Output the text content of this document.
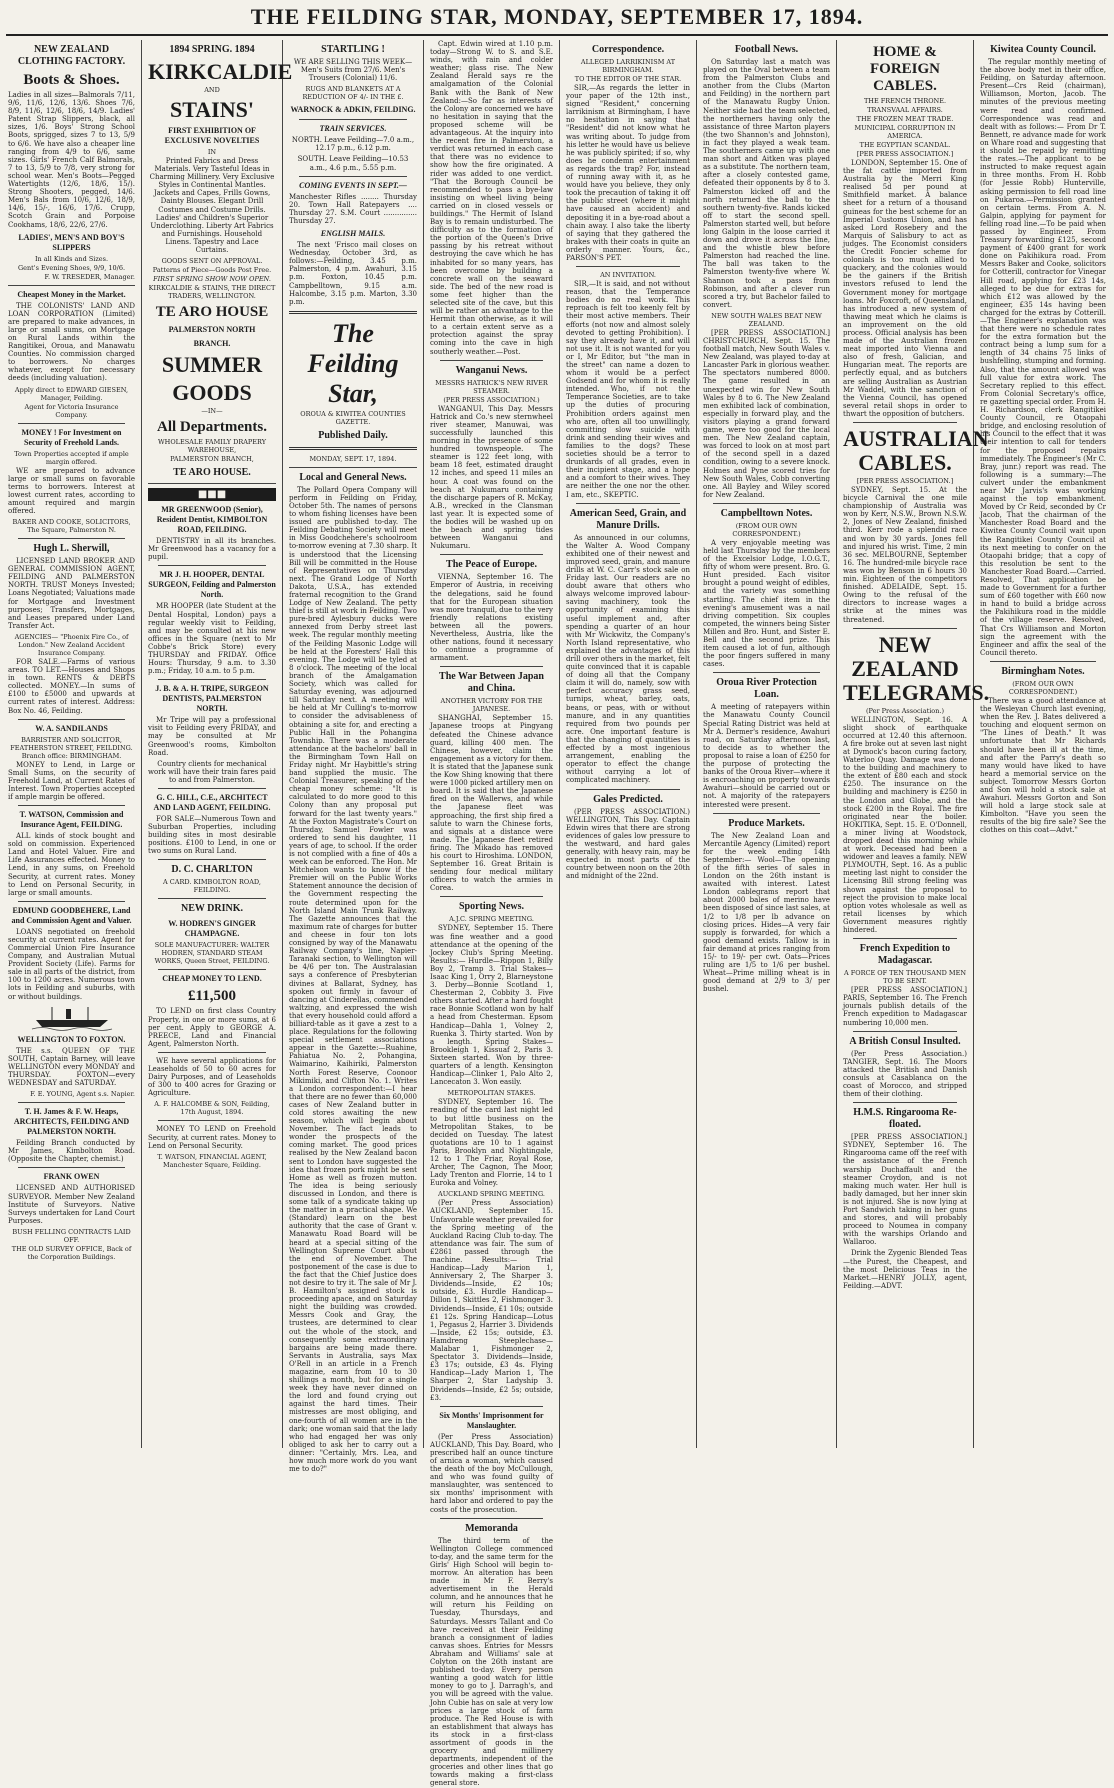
THE FEILDING STAR, MONDAY, SEPTEMBER 17, 1894.
NEW ZEALAND CLOTHING FACTORY.
Boots & Shoes.

Ladies in all sizes—Balmorals 7/11, 9/6, 11/6, 12/6, 13/6. Shoes 7/6, 8/9, 11/6, 12/6, 18/6, 14/9. Ladies' Patent Strap Slippers, black, all sizes, 1/6. Boys' Strong School Boots, sprigged, sizes 7 to 13, 5/9 to 6/6. We have also a cheaper line ranging from 4/9 to 6/6, same sizes. Girls' French Calf Balmorals, 7 to 13, 5/9 to 7/8, very strong for school wear. Men's Boots—Pegged Watertights (12/6, 18/6, 15/). Strong Shooters, pegged, 14/6. Men's Bals from 10/6, 12/6, 18/9, 14/6, 15/-, 16/6, 17/6. Crupp, Scotch Grain and Porpoise Cookhams, 18/6, 22/6, 27/6.

LADIES', MEN'S AND BOY'S SLIPPERS
In all Kinds and Sizes.
Gent's Evening Shoes, 9/9, 10/6.
F. W. TRESEDER, Manager.
Cheapest Money in the Market.

THE COLONISTS' LAND AND LOAN CORPORATION (Limited) are prepared to make advances, in large or small sums, on Mortgage on Rural Lands within the Rangitikei, Oroua, and Manawatu Counties. No commission charged to borrowers. No charges whatever, except for necessary deeds (including valuation).

Apply direct to EDWARD GIESEN, Manager, Feilding.
Agent for Victoria Insurance Company.
MONEY ! For Investment on Security of Freehold Lands.
Town Properties accepted if ample margin offered.

WE are prepared to advance large or small sums on favorable terms to borrowers. Interest at lowest current rates, according to amount required and margin offered.

BAKER AND COOKE, SOLICITORS, The Square, Palmerston N.
Hugh L. Sherwill,

LICENSED LAND BROKER AND GENERAL COMMISSION AGENT, FEILDING AND PALMERSTON NORTH. TRUST Moneys Invested; Loans Negotiated; Valuations made for Mortgage and Investment purposes; Transfers, Mortgages, and Leases prepared under Land Transfer Act.

AGENCIES— "Phoenix Fire Co., of London." New Zealand Accident Insurance Company.

FOR SALE.—Farms of various areas. TO LET.—Houses and Shops in town. RENTS & DEBTS collected. MONEY.—In sums of £100 to £5000 and upwards at current rates of interest. Address: Box No. 46, Feilding.

W. A. SANDILANDS
BARRISTER AND SOLICITOR, FEATHERSTON STREET, FEILDING. Branch office: BIRMINGHAM.

MONEY to Lend, in Large or Small Sums, on the security of Freehold Land, at Current Rates of Interest. Town Properties accepted if ample margin be offered.

T. WATSON, Commission and Insurance Agent, FEILDING.

ALL kinds of stock bought and sold on commission. Experienced Land and Hotel Valuer. Fire and Life Assurances effected. Money to Lend, in any sums, on Freehold Security, at current rates. Money to Lend on Personal Security, in large or small amounts.

EDMUND GOODBEHERE, Land and Commission Agent and Valuer.

LOANS negotiated on freehold security at current rates. Agent for Commercial Union Fire Insurance Company, and Australian Mutual Provident Society (Life). Farms for sale in all parts of the district, from 100 to 1200 acres. Numerous town lots in Feilding and suburbs, with or without buildings.

WELLINGTON TO FOXTON.

THE s.s. QUEEN OF THE SOUTH, Captain Barney, will leave WELLINGTON every MONDAY and THURSDAY. FOXTON—every WEDNESDAY and SATURDAY.

F. E. YOUNG, Agent s.s. Napier.
T. H. James & F. W. Heaps, ARCHITECTS, FEILDING AND PALMERSTON NORTH.

Feilding Branch conducted by Mr James, Kimbolton Road. (Opposite the Chapter, chemist.)

FRANK OWEN

LICENSED AND AUTHORISED SURVEYOR. Member New Zealand Institute of Surveyors. Native Surveys undertaken for Land Court Purposes.

BUSH FELLING CONTRACTS LAID OFF.
THE OLD SURVEY OFFICE, Back of the Corporation Buildings.
1894 SPRING. 1894
KIRKCALDIE
AND
STAINS'
FIRST EXHIBITION OF EXCLUSIVE NOVELTIES
IN

Printed Fabrics and Dress Materials. Very Tasteful Ideas in Charming Millinery. Very Exclusive Styles in Continental Mantles. Jackets and Capes, Frills Gowns, Dainty Blouses. Elegant Drill Costumes and Costume Drills. Ladies' and Children's Superior Underclothing. Liberty Art Fabrics and Furnishings. Household Linens. Tapestry and Lace Curtains.

GOODS SENT ON APPROVAL.
Patterns of Piece—Goods Post Free.
FIRST SPRING SHOW NOW OPEN.
KIRKCALDIE & STAINS, THE DIRECT TRADERS, WELLINGTON.
TE ARO HOUSE
PALMERSTON NORTH
BRANCH.
SUMMER
GOODS
—IN—
All Departments.
WHOLESALE FAMILY DRAPERY WAREHOUSE,
PALMERSTON BRANCH,
TE ARO HOUSE.
■■■
MR GREENWOOD (Senior), Resident Dentist, KIMBOLTON ROAD, FEILDING.

DENTISTRY in all its branches. Mr Greenwood has a vacancy for a pupil.

MR J. H. HOOPER, DENTAL SURGEON, Feilding and Palmerston North.

MR HOOPER (late Student at the Dental Hospital, London) pays a regular weekly visit to Feilding, and may be consulted at his new offices in the Square (next to Mr Cobbe's Brick Store) every THURSDAY and FRIDAY. Office Hours: Thursday, 9 a.m. to 3.30 p.m.; Friday, 10 a.m. to 5 p.m.

J. B. & A. H. TRIPE, SURGEON DENTISTS, PALMERSTON NORTH.

Mr Tripe will pay a professional visit to Feilding every FRIDAY, and may be consulted at Mr Greenwood's rooms, Kimbolton Road.

Country clients for mechanical work will have their train fares paid to and from Palmerston.

G. C. HILL, C.E., ARCHITECT AND LAND AGENT, FEILDING.

FOR SALE—Numerous Town and Suburban Properties, including building sites in most desirable positions. £100 to Lend, in one or two sums on Rural Land.

D. C. CHARLTON
A CARD. KIMBOLTON ROAD, FEILDING.
NEW DRINK.
W. HODREN'S GINGER CHAMPAGNE.
SOLE MANUFACTURER: WALTER HODREN, STANDARD STEAM WORKS, Queen Street, FEILDING.
CHEAP MONEY TO LEND.
£11,500

TO LEND on first class Country Property, in one or more sums, at 6 per cent. Apply to GEORGE A. PREECE, Land and Financial Agent, Palmerston North.

WE have several applications for Leaseholds of 50 to 60 acres for Dairy Purposes, and of Leaseholds of 300 to 400 acres for Grazing or Agriculture.

A. F. HALCOMBE & SON, Feilding, 17th August, 1894.

MONEY TO LEND on Freehold Security, at current rates. Money to Lend on Personal Security.

T. WATSON, FINANCIAL AGENT, Manchester Square, Feilding.
STARTLING !

WE ARE SELLING THIS WEEK— Men's Suits from 27/6. Men's Trousers (Colonial) 11/6.

RUGS AND BLANKETS AT A REDUCTION OF 4/- IN THE £.
WARNOCK & ADKIN, FEILDING.
TRAIN SERVICES.

NORTH. Leave Feilding—7.0 a.m., 12.17 p.m., 6.12 p.m.

SOUTH. Leave Feilding—10.53 a.m., 4.6 p.m., 5.55 p.m.

COMING EVENTS IN SEPT.—

Manchester Rifles ........ Thursday 20. Town Hall Ratepayers .... Thursday 27. S.M. Court ............... Thursday 27.

ENGLISH MAILS.

The next 'Frisco mail closes on Wednesday, October 3rd, as follows:—Feilding, 3.45 p.m. Palmerston, 4 p.m. Awahuri, 3.15 p.m. Foxton, 10.45 p.m. Campbelltown, 9.15 a.m. Halcombe, 3.15 p.m. Marton, 3.30 p.m.

The Feilding Star,
OROUA & KIWITEA COUNTIES GAZETTE.
Published Daily.
MONDAY, SEPT. 17, 1894.
Local and General News.

The Pollard Opera Company will perform in Feilding on Friday, October 5th. The names of persons to whom fishing licenses have been issued are published to-day. The Feilding Debating Society will meet in Miss Goodchehere's schoolroom to-morrow evening at 7.30 sharp. It is understood that the Licensing Bill will be committed in the House of Representatives on Thursday next. The Grand Lodge of North Dakota, U.S.A., has extended fraternal recognition to the Grand Lodge of New Zealand. The petty thief is still at work in Feilding. Two pure-bred Aylesbury ducks were annexed from Derby street last week. The regular monthly meeting of the Feilding Masonic Lodge will be held at the Foresters' Hall this evening. The Lodge will be tyled at 8 o'clock. The meeting of the local branch of the Amalgamation Society, which was called for Saturday evening, was adjourned till Saturday next. A meeting will be held at Mr Culling's to-morrow to consider the advisableness of obtaining a site for, and erecting a Public Hall in the Pohangina Township. There was a moderate attendance at the bachelors' ball in the Birmingham Town Hall on Friday night. Mr Haybittle's string band supplied the music. The Colonial Treasurer, speaking of the cheap money scheme: "It is calculated to do more good to this Colony than any proposal put forward for the last twenty years." At the Foxton Magistrate's Court on Thursday, Samuel Fowler was ordered to send his daughter, 11 years of age, to school. If the order is not complied with a fine of 40s a week can be enforced. The Hon. Mr Mitchelson wants to know if the Premier will on the Public Works Statement announce the decision of the Government respecting the route determined upon for the North Island Main Trunk Railway. The Gazette announces that the maximum rate of charges for butter and cheese in four ton lots consigned by way of the Manawatu Railway Company's line, Napier-Taranaki section, to Wellington will be 4/6 per ton. The Australasian says a conference of Presbyterian divines at Ballarat, Sydney, has spoken out firmly in favour of dancing at Cinderellas, commended waltzing, and expressed the wish that every household could afford a billiard-table as it gave a zest to a place. Regulations for the following special settlement associations appear in the Gazette:—Ruahine, Pahiatua No. 2, Pohangina, Waimarino, Kaihiriki, Palmerston North Forest Reserve, Coonoor Mikimiki, and Clifton No. 1. Writes a London correspondent:—I hear that there are no fewer than 60,000 cases of New Zealand butter in cold stores awaiting the new season, which will begin about November. The fact leads to wonder the prospects of the coming market. The good prices realised by the New Zealand bacon sent to London have suggested the idea that frozen pork might be sent Home as well as frozen mutton. The idea is being seriously discussed in London, and there is some talk of a syndicate taking up the matter in a practical shape. We (Standard) learn on the best authority that the case of Grant v. Manawatu Road Board will be heard at a special sitting of the Wellington Supreme Court about the end of November. The postponement of the case is due to the fact that the Chief Justice does not desire to try it. The sale of Mr J. B. Hamilton's assigned stock is proceeding apace, and on Saturday night the building was crowded. Messrs Cook and Gray, the trustees, are determined to clear out the whole of the stock, and consequently some extraordinary bargains are being made there. Servants in Australia, says Max O'Rell in an article in a French magazine, earn from 10 to 30 shillings a month, but for a single week they have never dinned on the lord and found crying out against the hard times. Their mistresses are most obliging, and one-fourth of all women are in the dark; one woman said that the lady who had engaged her was only obliged to ask her to carry out a dinner: "Certainly, Mrs. Lea, and how much more work do you want me to do?"

Capt. Edwin wired at 1.10 p.m. today—Strong W. to S. and S.E. winds, with rain and colder weather; glass rise. The New Zealand Herald says re the amalgamation of the Colonial Bank with the Bank of New Zealand:—So far as interests of the Colony are concerned we have no hesitation in saying that the proposed scheme will be advantageous. At the inquiry into the recent fire in Palmerston, a verdict was returned in each case that there was no evidence to show how the fire originated. A rider was added to one verdict. "That the Borough Council be recommended to pass a bye-law insisting on wheel living being carried on in closed vessels or buildings." The Hermit of Island Bay is to remain undisturbed. The difficulty as to the formation of the portion of the Queen's Drive passing by his retreat without destroying the cave which he has inhabited for so many years, has been overcome by building a concrete wall on the seaward side. The bed of the new road is some feet higher than the selected site of the cave, but this will be rather an advantage to the Hermit than otherwise, as it will to a certain extent serve as a protection against the spray coming into the cave in high southerly weather.—Post.

Wanganui News.
MESSRS HATRICK'S NEW RIVER STEAMER.
(PER PRESS ASSOCIATION.)

WANGANUI, This Day. Messrs Hatrick and Co.'s new sternwheel river steamer, Manuwai, was successfully launched this morning in the presence of some hundred townspeople. The steamer is 122 feet long, with beam 18 feet, estimated draught 12 inches, and speed 11 miles an hour. A coat was found on the beach at Nukumaru containing the discharge papers of R. McKay, A.B., wrecked in the Clansman last year. It is expected some of the bodies will be washed up on the beach and spring tides between Wanganui and Nukumaru.

The Peace of Europe.

VIENNA, September 16. The Emperor of Austria, in receiving the delegations, said he found that for the European situation was more tranquil, due to the very friendly relations existing between all the powers. Nevertheless, Austria, like the other nations, found it necessary to continue a programme of armament.

The War Between Japan and China.
ANOTHER VICTORY FOR THE JAPANESE.

SHANGHAI, September 15. Japanese troops at Pingyang defeated the Chinese advance guard, killing 400 men. The Chinese, however, claim the engagement as a victory for them. It is stated that the Japanese sunk the Kow Shing knowing that there were 1000 picked artillery men on board. It is said that the Japanese fired on the Wallerws, and while the Japanese fleet was approaching, the first ship fired a salute to warn the Chinese forts, and signals at a distance were made. The Japanese fleet retired firing. The Mikado has removed his court to Hiroshima. LONDON, September 16. Great Britain is sending four medical military officers to watch the armies in Corea.

Sporting News.
A.J.C. SPRING MEETING.

SYDNEY, September 15. There was fine weather and a good attendance at the opening of the Jockey Club's Spring Meeting. Results:— Hurdle—Rippon 1, Billy Boy 2, Tramp 3. Trial Stakes—Isaac King 1, Orry 2, Blarneystone 3. Derby—Bonnie Scotland 1, Chesterman 2, Cobbity 3. Five others started. After a hard fought race Bonnie Scotland won by half a head from Chesterman. Epsom Handicap—Dahla 1, Volney 2, Ruenka 3. Thirty started. Won by a length. Spring Stakes—Brookleigh 1, Kissuaf 2, Paris 3. Sixteen started. Won by three-quarters of a length. Kensington Handicap—Clinker 1, Palo Alto 2, Lancecaton 3. Won easily.

METROPOLITAN STAKES.

SYDNEY, September 16. The reading of the card last night led to but little business on the Metropolitan Stakes, to be decided on Tuesday. The latest quotations are 10 to 1 against Paris, Brooklyn and Nightingale, 12 to 1 The Friar, Royal Rose, Archer, The Cagnon, The Moor, Lady Trenton and Florrie, 14 to 1 Euroka and Volney.

AUCKLAND SPRING MEETING.

(Per Press Association) AUCKLAND, September 15. Unfavorable weather prevailed for the Spring meeting of the Auckland Racing Club to-day. The attendance was fair. The sum of £2861 passed through the machine. Results:— Trial Handicap—Lady Marion 1, Anniversary 2, The Sharper 3. Dividends—Inside, £2 10s; outside, £3. Hurdle Handicap—Dillon 1, Skittles 2, Fishmonger 3. Dividends—Inside, £1 10s; outside £1 12s. Spring Handicap—Lotus 1, Pegasus 2, Harrier 3. Dividends—Inside, £2 15s; outside, £3. Hamdreng Steeplechase—Malabar 1, Fishmonger 2, Spectator 3. Dividends—Inside, £3 17s; outside, £3 4s. Flying Handicap—Lady Marion 1, The Sharper 2, Star Ladyship 3. Dividends—Inside, £2 5s; outside, £3.

Six Months' Imprisonment for Manslaughter.

(Per Press Association) AUCKLAND, This Day. Board, who prescribed half an ounce tincture of arnica a woman, which caused the death of the boy McCullough, and who was found guilty of manslaughter, was sentenced to six months' imprisonment with hard labor and ordered to pay the costs of the prosecution.

Memoranda

The third term of the Wellington College commenced to-day, and the same term for the Girls' High School will begin to-morrow. An alteration has been made in Mr F. Berry's advertisement in the Herald column, and he announces that he will return his Feilding on Tuesday, Thursdays, and Saturdays. Messrs Tallant and Co have received at their Feilding branch a consignment of ladies canvas shoes. Entries for Messrs Abraham and Williams' sale at Colyton on the 26th instant are published to-day. Every person wanting a good watch for little money to go to J. Darragh's, and you will be agreed with the value. John Cubie has on sale at very low prices a large stock of farm produce. The Red House is with an establishment that always has its stock in a first-class assortment of goods in the grocery and millinery departments, independent of the groceries and other lines that go towards making a first-class general store.

Correspondence.
ALLEGED LARRIKINISM AT BIRMINGHAM.
TO THE EDITOR OF THE STAR.

SIR,—As regards the letter in your paper of the 12th inst., signed "Resident," concerning larrikinism at Birmingham, I have no hesitation in saying that "Resident" did not know what he was writing about. To judge from his letter he would have us believe he was publicly spirited; if so, why does he condemn entertainment as regards the trap? For, instead of running away with it, as he would have you believe, they only took the precaution of taking it off the public street (where it might have caused an accident) and depositing it in a bye-road about a chain away. I also take the liberty of saying that they gathered the brakes with their coats in quite an orderly manner. Yours, &c., PARSON'S PET.

AN INVITATION.

SIR,—It is said, and not without reason, that the Temperance bodies do no real work. This reproach is felt too keenly felt by their most active members. Their efforts (not now and almost solely devoted to getting Prohibition). I say they already have it, and will not use it. It is not wanted for you or I, Mr Editor, but "the man in the street" can name a dozen to whom it would be a perfect Godsend and for whom it is really intended. Who, if not the Temperance Societies, are to take up the duties of procuring Prohibition orders against men who are, often all too unwillingly, committing slow suicide with drink and sending their wives and families to the dogs? These societies should be a terror to drunkards of all grades, even in their incipient stage, and a hope and a comfort to their wives. They are neither the one nor the other. I am, etc., SKEPTIC.

American Seed, Grain, and Manure Drills.

As announced in our columns, the Walter A. Wood Company exhibited one of their newest and improved seed, grain, and manure drills at W. C. Carr's stock sale on Friday last. Our readers are no doubt aware that others who always welcome improved labour-saving machinery, took the opportunity of examining this useful implement and, after spending a quarter of an hour with Mr Wickwitz, the Company's North Island representative, who explained the advantages of this drill over others in the market, felt quite convinced that it is capable of doing all that the Company claim it will do, namely, sow with perfect accuracy grass seed, turnips, wheat, barley, oats, beans, or peas, with or without manure, and in any quantities required from two pounds per acre. One important feature is that the changing of quantities is effected by a most ingenious arrangement, enabling the operator to effect the change without carrying a lot of complicated machinery.

Gales Predicted.

(PER PRESS ASSOCIATION.) WELLINGTON, This Day. Captain Edwin wires that there are strong evidences of gales low pressure to the westward, and hard gales generally, with heavy rain, may be expected in most parts of the country between noon on the 20th and midnight of the 22nd.

Football News.

On Saturday last a match was played on the Oval between a team from the Palmerston Clubs and another from the Clubs (Marton and Feilding) in the northern part of the Manawatu Rugby Union. Neither side had the team selected, the northerners having only the assistance of three Marton players (the two Shannon's and Johnston), in fact they played a weak team. The southerners came up with one man short and Aitken was played as a substitute. The northern team, after a closely contested game, defeated their opponents by 8 to 3. Palmerston kicked off and the north returned the ball to the southern twenty-five. Rands kicked off to start the second spell. Palmerston started well, but before long Galpin in the loose carried it down and drove it across the line, and the whistle blew before Palmerston had reached the line. The ball was taken to the Palmerston twenty-five where W. Shannon took a pass from Robinson, and after a clever run scored a try, but Bachelor failed to convert.

NEW SOUTH WALES BEAT NEW ZEALAND.

[PER PRESS ASSOCIATION.] CHRISTCHURCH, Sept. 15. The football match, New South Wales v. New Zealand, was played to-day at Lancaster Park in glorious weather. The spectators numbered 8000. The game resulted in an unexpected win for New South Wales by 8 to 6. The New Zealand men exhibited lack of combination, especially in forward play, and the visitors playing a grand forward game, were too good for the local men. The New Zealand captain, was forced to look on at most part of the second spell in a dazed condition, owing to a severe knock. Holmes and Pyne scored tries for New South Wales, Cobb converting one. All Bayley and Wiley scored for New Zealand.

Campbelltown Notes.
(FROM OUR OWN CORRESPONDENT.)

A very enjoyable meeting was held last Thursday by the members of the Excelsior Lodge, I.O.G.T., fifty of whom were present. Bro. G. Hunt presided. Each visitor brought a pound weight of edibles, and the variety was something startling. The chief item in the evening's amusement was a nail driving competition. Six couples competed, the winners being Sister Millen and Bro. Hunt, and Sister E. Bell and the second prize. This item caused a lot of fun, although the poor fingers suffered in many cases.

Oroua River Protection Loan.

A meeting of ratepayers within the Manawatu County Council Special Rating District was held at Mr A. Dermer's residence, Awahuri road, on Saturday afternoon last, to decide as to whether the proposal to raise a loan of £250 for the purpose of protecting the banks of the Oroua River—where it is encroaching on property towards Awahuri—should be carried out or not. A majority of the ratepayers interested were present.

Produce Markets.

The New Zealand Loan and Mercantile Agency (Limited) report for the week ending 14th September:— Wool—The opening of the fifth series of sales in London on the 26th instant is awaited with interest. Latest London cablegrams report that about 2000 bales of merino have been disposed of since last sales, at 1/2 to 1/8 per lb advance on closing prices. Hides—A very fair supply is forwarded, for which a good demand exists. Tallow is in fair demand at prices ranging from 15/- to 19/- per cwt. Oats—Prices ruling are 1/5 to 1/6 per bushel. Wheat—Prime milling wheat is in good demand at 2/9 to 3/ per bushel.

HOME & FOREIGN CABLES.
THE FRENCH THRONE.
TRANSVAAL AFFAIRS.
THE FROZEN MEAT TRADE.
MUNICIPAL CORRUPTION IN AMERICA.
THE EGYPTIAN SCANDAL.
[PER PRESS ASSOCIATION.]

LONDON, September 15. One of the fat cattle imported from Australia by the Merri King realised 5d per pound at Smithfield market. A balance sheet for a return of a thousand guineas for the best scheme for an Imperial Customs Union, and has asked Lord Rosebery and the Marquis of Salisbury to act as judges. The Economist considers the Credit Foncier scheme for colonials is too much allied to quackery, and the colonies would be the gainers if the British investors refused to lend the Government money for mortgage loans. Mr Foxcroft, of Queensland, has introduced a new system of thawing meat which he claims is an improvement on the old process. Official analysis has been made of the Australian frozen meat imported into Vienna and also of fresh, Galician, and Hungarian meat. The reports are perfectly equal, and as butchers are selling Australian as Austrian Mr Waddel, with the sanction of the Vienna Council, has opened several retail shops in order to thwart the opposition of butchers.

AUSTRALIAN CABLES.
[PER PRESS ASSOCIATION.]

SYDNEY, Sept. 15. At the bicycle Carnival the one mile championship of Australia was won by Kerr, N.S.W., Brown N.S.W. 2, Jones of New Zealand, finished third. Kerr rode a splendid race and won by 30 yards. Jones fell and injured his wrist. Time, 2 min 36 sec. MELBOURNE, September 16. The hundred-mile bicycle race was won by Benson in 6 hours 30 min. Eighteen of the competitors finished. ADELAIDE, Sept. 15. Owing to the refusal of the directors to increase wages a strike at the mines was threatened.

NEW ZEALAND TELEGRAMS.
(Per Press Association.)

WELLINGTON, Sept. 16. A slight shock of earthquake occurred at 12.40 this afternoon. A fire broke out at seven last night at Dymock's bacon curing factory, Waterloo Quay. Damage was done to the building and machinery to the extent of £80 each and stock £250. The insurance on the building and machinery is £250 in the London and Globe, and the stock £200 in the Royal. The fire originated near the boiler. HOKITIKA, Sept. 15. E. O'Donnell, a miner living at Woodstock, dropped dead this morning while at work. Deceased had been a widower and leaves a family. NEW PLYMOUTH, Sept. 16. As a public meeting last night to consider the Licensing Bill strong feeling was shown against the proposal to reject the provision to make local option votes wholesale as well as retail licenses by which Government measures rightly hindered.

French Expedition to Madagascar.
A FORCE OF TEN THOUSAND MEN TO BE SENT.

[PER PRESS ASSOCIATION.] PARIS, September 16. The French journals publish details of the French expedition to Madagascar numbering 10,000 men.

A British Consul Insulted.

(Per Press Association.) TANGIER, Sept. 16. The Moors attacked the British and Danish consuls at Casablanca on the coast of Morocco, and stripped them of their clothing.

H.M.S. Ringarooma Re-floated.

[PER PRESS ASSOCIATION.] SYDNEY, September 16. The Ringarooma came off the reef with the assistance of the French warship Duchaffault and the steamer Croydon, and is not making much water. Her hull is badly damaged, but her inner skin is not injured. She is now lying at Port Sandwich taking in her guns and stores, and will probably proceed to Noumea in company with the warships Orlando and Wallaroo.

Drink the Zygenic Blended Teas—the Purest, the Cheapest, and the most Delicious Teas in the Market.—HENRY JOLLY, agent, Feilding.—ADVT.

Kiwitea County Council.

The regular monthly meeting of the above body met in their office, Feilding, on Saturday afternoon. Present—Crs Reid (chairman), Williamson, Morton, Jacob. The minutes of the previous meeting were read and confirmed. Correspondence was read and dealt with as follows:— From Dr T. Bennett, re advance made for work on Whare road and suggesting that it should be repaid by remitting the rates.—The applicant to be instructed to make request again in three months. From H. Robb (for Jessie Robb) Hunterville, asking permission to fell road line on Pukaroa.—Permission granted on certain terms. From A. N. Galpin, applying for payment for felling road line.—To be paid when passed by Engineer. From Treasury forwarding £125, second payment of £400 grant for work done on Pakihikura road. From Messrs Baker and Cooke, solicitors for Cotterill, contractor for Vinegar Hill road, applying for £23 14s, alleged to be due for extras for which £12 was allowed by the engineer, £35 14s having been charged for the extras by Cotterill.—The Engineer's explanation was that there were no schedule rates for the extra formation but the contract being a lump sum for a length of 34 chains 75 links of bushfelling, stumping and forming. Also, that the amount allowed was full value for extra work. The Secretary replied to this effect. From Colonial Secretary's office, re gazetting special order. From H. H. Richardson, clerk Rangitikei County Council, re Otaopahi bridge, and enclosing resolution of his Council to the effect that it was their intention to call for tenders for the proposed repairs immediately. The Engineer's (Mr C. Bray, junr.) report was read. The following is a summary:—The culvert under the embankment near Mr Jarvis's was working against the top embankment. Moved by Cr Reid, seconded by Cr Jacob, That the chairman of the Manchester Road Board and the Kiwitea County Council wait upon the Rangitikei County Council at its next meeting to confer on the Otaopahi bridge; that a copy of this resolution be sent to the Manchester Road Board.—Carried. Resolved, That application be made to Government for a further sum of £60 together with £60 now in hand to build a bridge across the Pakihikura road in the middle of the village reserve. Resolved, That Crs Williamson and Morton sign the agreement with the Engineer and affix the seal of the Council thereto.

Birmingham Notes.
(FROM OUR OWN CORRESPONDENT.)

There was a good attendance at the Wesleyan Church last evening, when the Rev. J. Bates delivered a touching and eloquent sermon on "The Lines of Death." It was unfortunate that Mr Richards should have been ill at the time, and after the Parry's death so many would have liked to have heard a memorial service on the subject. Tomorrow Messrs Gorton and Son will hold a stock sale at Awahuri. Messrs Gorton and Son will hold a large stock sale at Kimbolton. "Have you seen the results of the big fire sale? See the clothes on this coat—Advt."
